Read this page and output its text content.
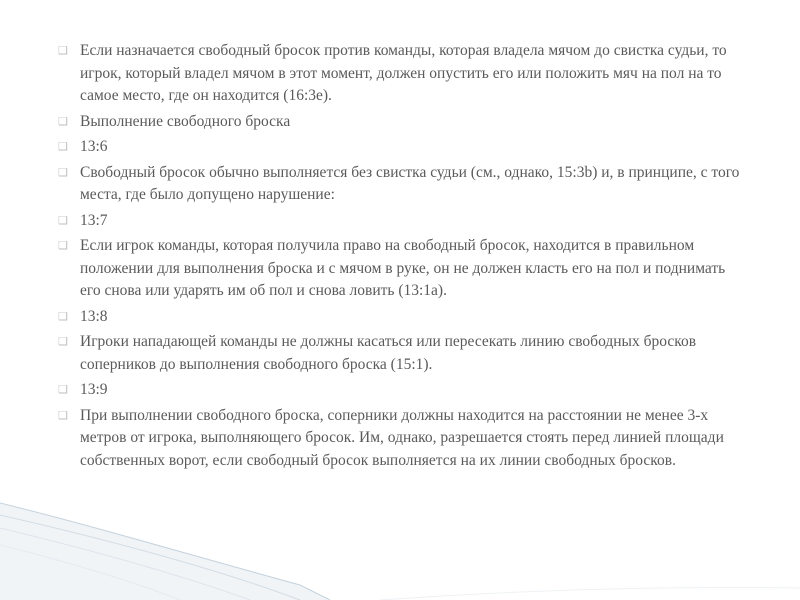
❑ Если назначается свободный бросок против команды, которая владела мячом до свистка судьи, то игрок, который владел мячом в этот момент, должен опустить его или положить мяч на пол на то самое место, где он находится (16:3е).
❑ Выполнение свободного броска
❑ 13:6
❑ Свободный бросок обычно выполняется без свистка судьи (см., однако, 15:3b) и, в принципе, с того места, где было допущено нарушение:
❑ 13:7
❑ Если игрок команды, которая получила право на свободный бросок, находится в правильном положении для выполнения броска и с мячом в руке, он не должен класть его на пол и поднимать его снова или ударять им об пол и снова ловить (13:1a).
❑ 13:8
❑ Игроки нападающей команды не должны касаться или пересекать линию свободных бросков соперников до выполнения свободного броска (15:1).
❑ 13:9
❑ При выполнении свободного броска, соперники должны находится на расстоянии не менее 3-х метров от игрока, выполняющего бросок. Им, однако, разрешается стоять перед линией площади собственных ворот, если свободный бросок выполняется на их линии свободных бросков.
